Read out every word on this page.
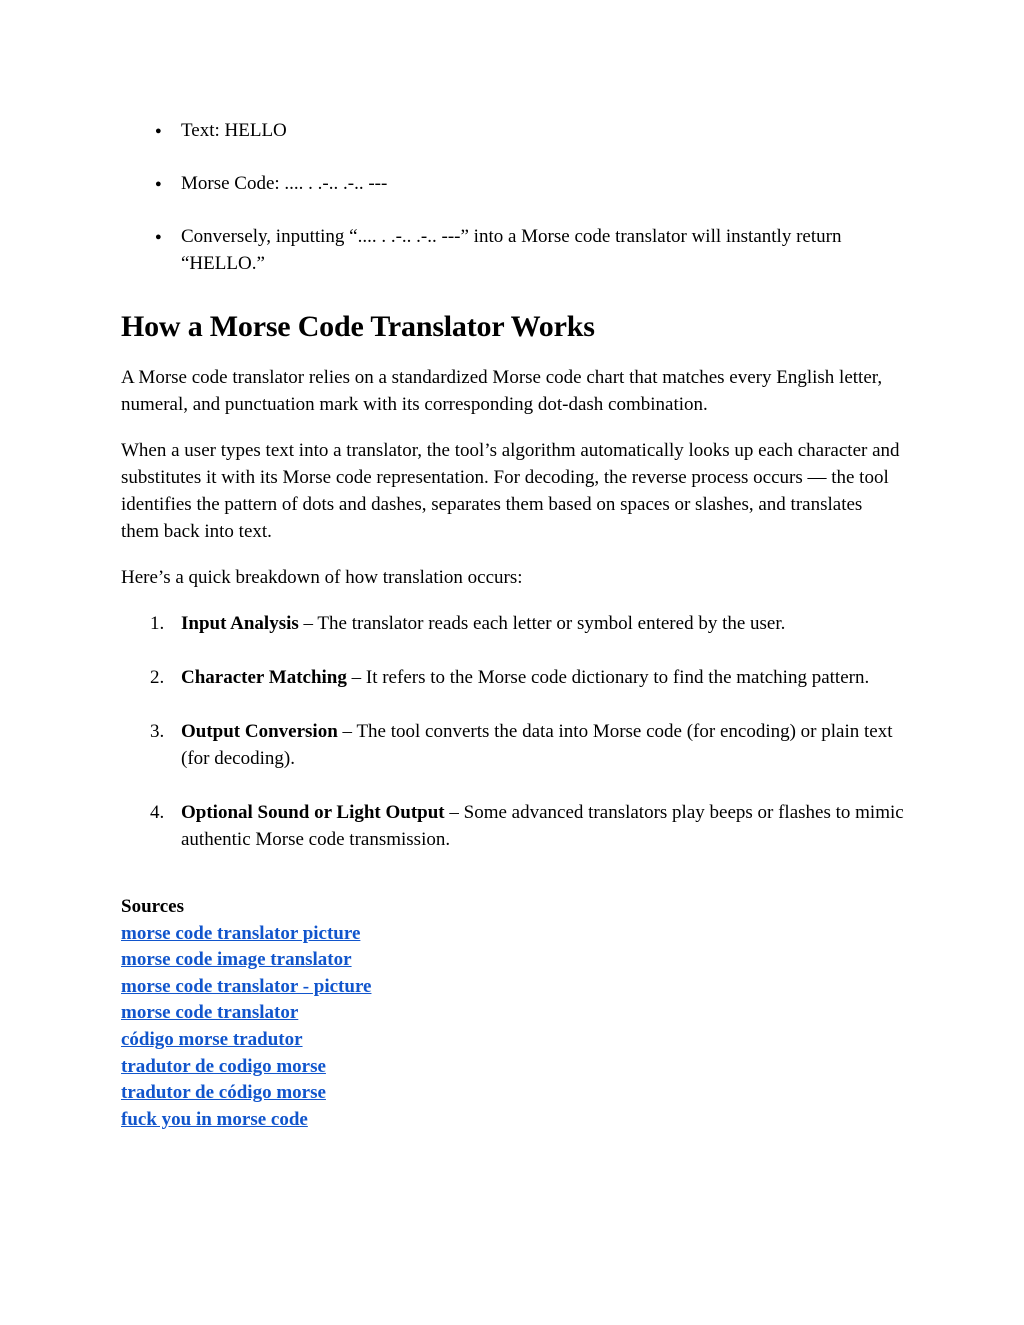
● Text: HELLO
● Morse Code: .... . .-.. .-.. ---
● Conversely, inputting “.... . .-.. .-.. ---” into a Morse code translator will instantly return “HELLO.”
How a Morse Code Translator Works

A Morse code translator relies on a standardized Morse code chart that matches every English letter, numeral, and punctuation mark with its corresponding dot-dash combination.

When a user types text into a translator, the tool’s algorithm automatically looks up each character and substitutes it with its Morse code representation. For decoding, the reverse process occurs — the tool identifies the pattern of dots and dashes, separates them based on spaces or slashes, and translates them back into text.

Here’s a quick breakdown of how translation occurs:

1. Input Analysis – The translator reads each letter or symbol entered by the user.
2. Character Matching – It refers to the Morse code dictionary to find the matching pattern.
3. Output Conversion – The tool converts the data into Morse code (for encoding) or plain text (for decoding).
4. Optional Sound or Light Output – Some advanced translators play beeps or flashes to mimic authentic Morse code transmission.
Sources
morse code translator picture
morse code image translator
morse code translator - picture
morse code translator
código morse tradutor
tradutor de codigo morse
tradutor de código morse
fuck you in morse code
